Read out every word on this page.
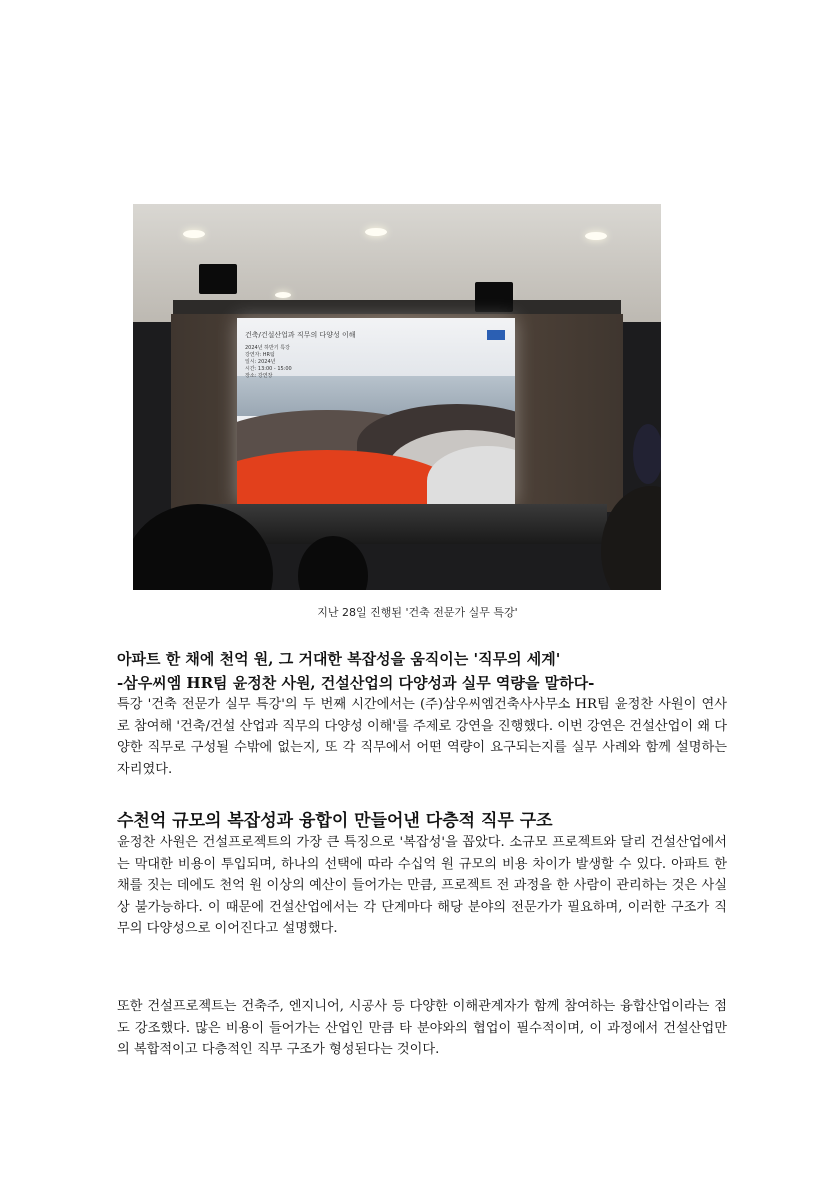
건축/건설산업과 직무의 다양성 이해
2024년 하반기 특강
강연자: HR팀
일시: 2024년
시간: 13:00 - 15:00
장소: 강연장
지난 28일 진행된 '건축 전문가 실무 특강'
아파트 한 채에 천억 원, 그 거대한 복잡성을 움직이는 '직무의 세계'
-삼우씨엠 HR팀 윤정찬 사원, 건설산업의 다양성과 실무 역량을 말하다-
특강 '건축 전문가 실무 특강'의 두 번째 시간에서는 (주)삼우씨엠건축사사무소 HR팀 윤정찬 사원이 연사로 참여해 '건축/건설 산업과 직무의 다양성 이해'를 주제로 강연을 진행했다. 이번 강연은 건설산업이 왜 다양한 직무로 구성될 수밖에 없는지, 또 각 직무에서 어떤 역량이 요구되는지를 실무 사례와 함께 설명하는 자리였다.
수천억 규모의 복잡성과 융합이 만들어낸 다층적 직무 구조
윤정찬 사원은 건설프로젝트의 가장 큰 특징으로 '복잡성'을 꼽았다. 소규모 프로젝트와 달리 건설산업에서는 막대한 비용이 투입되며, 하나의 선택에 따라 수십억 원 규모의 비용 차이가 발생할 수 있다. 아파트 한 채를 짓는 데에도 천억 원 이상의 예산이 들어가는 만큼, 프로젝트 전 과정을 한 사람이 관리하는 것은 사실상 불가능하다. 이 때문에 건설산업에서는 각 단계마다 해당 분야의 전문가가 필요하며, 이러한 구조가 직무의 다양성으로 이어진다고 설명했다.
또한 건설프로젝트는 건축주, 엔지니어, 시공사 등 다양한 이해관계자가 함께 참여하는 융합산업이라는 점도 강조했다. 많은 비용이 들어가는 산업인 만큼 타 분야와의 협업이 필수적이며, 이 과정에서 건설산업만의 복합적이고 다층적인 직무 구조가 형성된다는 것이다.
